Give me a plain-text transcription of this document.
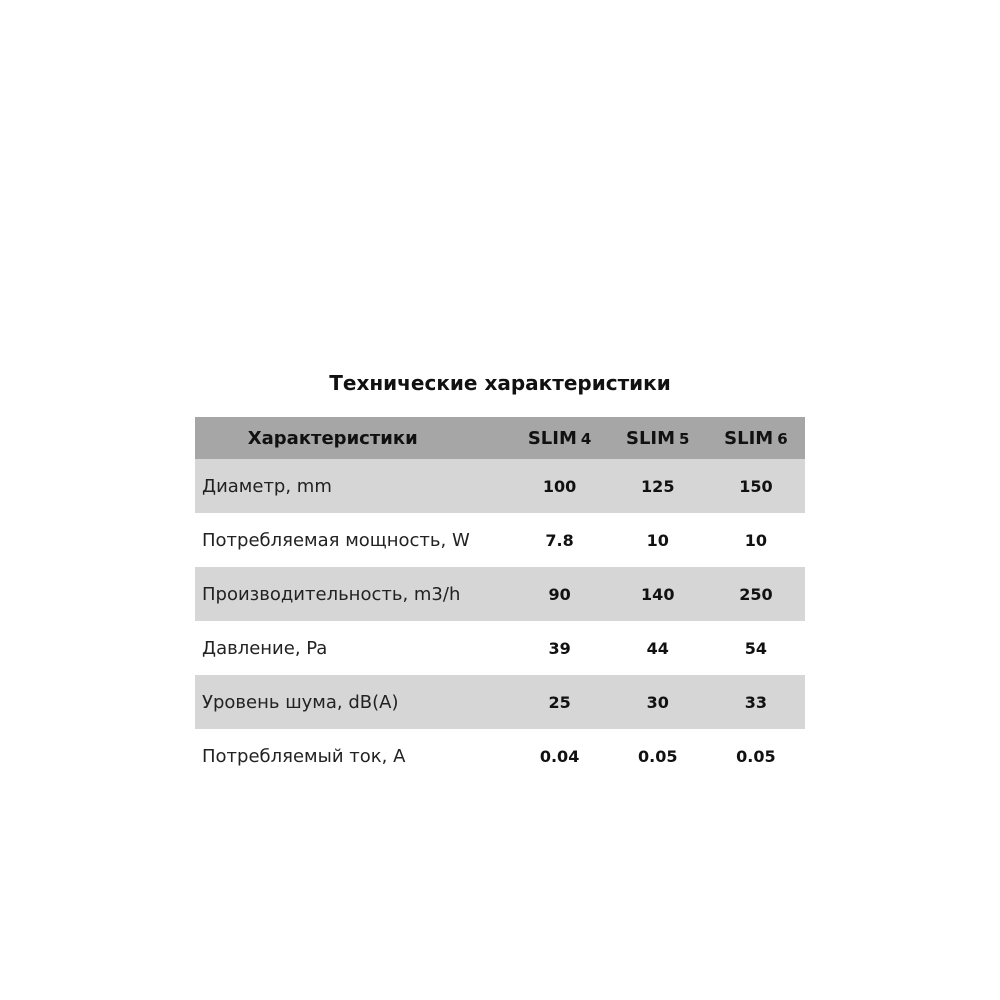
Технические характеристики
Характеристики	SLIM 4	SLIM 5	SLIM 6
Диаметр, mm	100	125	150
Потребляемая мощность, W	7.8	10	10
Производительность, m3/h	90	140	250
Давление, Pa	39	44	54
Уровень шума, dB(A)	25	30	33
Потребляемый ток, А	0.04	0.05	0.05
